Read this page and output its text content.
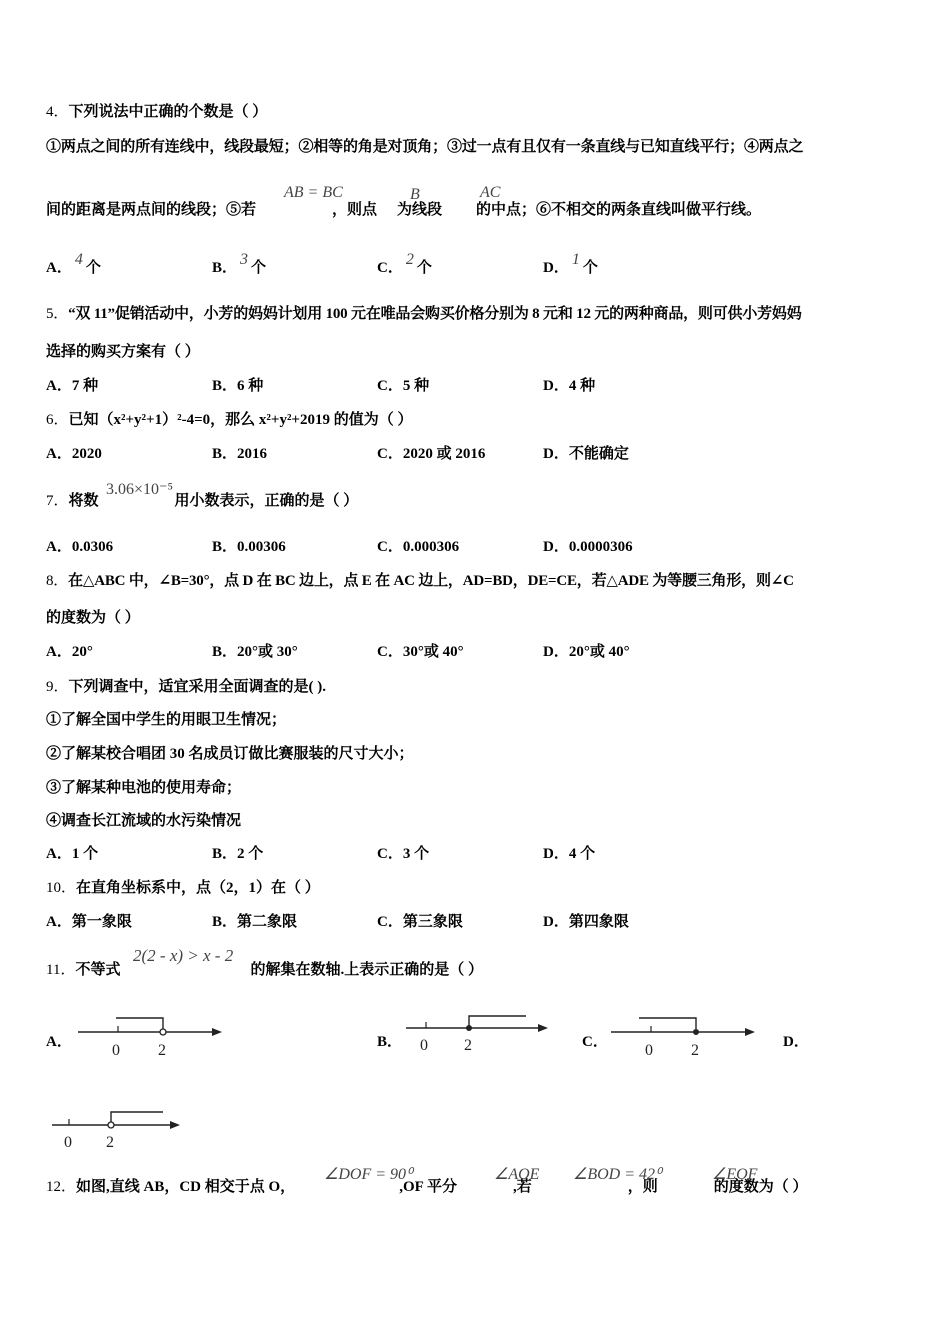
4．下列说法中正确的个数是（ ）
①两点之间的所有连线中，线段最短；②相等的角是对顶角；③过一点有且仅有一条直线与已知直线平行；④两点之
间的距离是两点间的线段；⑤若	，则点 为线段 的中点；⑥不相交的两条直线叫做平行线。
AB = BC	B	AC
A． 4 个	B． 3 个	C． 2 个	D． 1 个
5．“双 11”促销活动中，小芳的妈妈计划用 100 元在唯品会购买价格分别为 8 元和 12 元的两种商品，则可供小芳妈妈
选择的购买方案有（ ）
A．7 种	B．6 种	C．5 种	D．4 种
6．已知（x²+y²+1）²-4=0，那么 x²+y²+2019 的值为（ ）
A．2020	B．2016	C．2020 或 2016	D．不能确定
7．将数	用小数表示，正确的是（ ）
3.06×10⁻⁵
A．0.0306	B．0.00306	C．0.000306	D．0.0000306
8．在△ABC 中，∠B=30°，点 D 在 BC 边上，点 E 在 AC 边上，AD=BD，DE=CE，若△ADE 为等腰三角形，则∠C
的度数为（ ）
A．20°	B．20°或 30°	C．30°或 40°	D．20°或 40°
9．下列调查中，适宜采用全面调查的是( ).
①了解全国中学生的用眼卫生情况；
②了解某校合唱团 30 名成员订做比赛服装的尺寸大小；
③了解某种电池的使用寿命；
④调查长江流域的水污染情况
A．1 个	B．2 个	C．3 个	D．4 个
10．在直角坐标系中，点（2，1）在（ ）
A．第一象限	B．第二象限	C．第三象限	D．第四象限
11．不等式	的解集在数轴.上表示正确的是（ ）
2(2 - x) > x - 2
A．	0 2	B． 0 2	C． 0 2	D．
0 2
12．如图,直线 AB，CD 相交于点 O，	,OF 平分	,若	，则	的度数为（ ）
∠DOF = 90⁰	∠AOE ∠BOD = 42⁰	∠EOF
